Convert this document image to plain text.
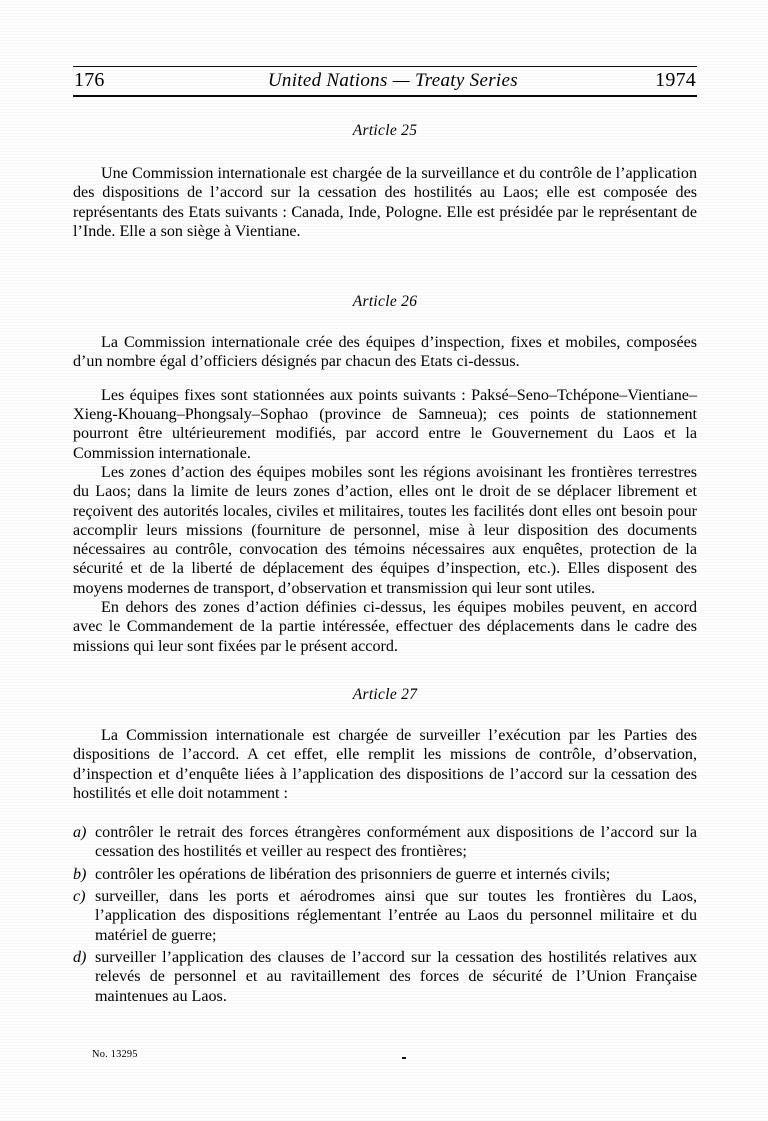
176	United Nations — Treaty Series	1974
Article 25

Une Commission internationale est chargée de la surveillance et du contrôle de l’application des dispositions de l’accord sur la cessation des hostilités au Laos; elle est composée des représentants des Etats suivants : Canada, Inde, Pologne. Elle est présidée par le représentant de l’Inde. Elle a son siège à Vientiane.

Article 26

La Commission internationale crée des équipes d’inspection, fixes et mobiles, composées d’un nombre égal d’officiers désignés par chacun des Etats ci-dessus.

Les équipes fixes sont stationnées aux points suivants : Paksé–Seno–Tchépone–Vientiane–Xieng-Khouang–Phongsaly–Sophao (province de Samneua); ces points de stationnement pourront être ultérieurement modifiés, par accord entre le Gouvernement du Laos et la Commission internationale.

Les zones d’action des équipes mobiles sont les régions avoisinant les frontières terrestres du Laos; dans la limite de leurs zones d’action, elles ont le droit de se déplacer librement et reçoivent des autorités locales, civiles et militaires, toutes les facilités dont elles ont besoin pour accomplir leurs missions (fourniture de personnel, mise à leur disposition des documents nécessaires au contrôle, convocation des témoins nécessaires aux enquêtes, protection de la sécurité et de la liberté de déplacement des équipes d’inspection, etc.). Elles disposent des moyens modernes de transport, d’observation et transmission qui leur sont utiles.

En dehors des zones d’action définies ci-dessus, les équipes mobiles peuvent, en accord avec le Commandement de la partie intéressée, effectuer des déplacements dans le cadre des missions qui leur sont fixées par le présent accord.

Article 27

La Commission internationale est chargée de surveiller l’exécution par les Parties des dispositions de l’accord. A cet effet, elle remplit les missions de contrôle, d’observation, d’inspection et d’enquête liées à l’application des dispositions de l’accord sur la cessation des hostilités et elle doit notamment :

a) contrôler le retrait des forces étrangères conformément aux dispositions de l’accord sur la cessation des hostilités et veiller au respect des frontières;
b) contrôler les opérations de libération des prisonniers de guerre et internés civils;
c) surveiller, dans les ports et aérodromes ainsi que sur toutes les frontières du Laos, l’application des dispositions réglementant l’entrée au Laos du personnel militaire et du matériel de guerre;
d) surveiller l’application des clauses de l’accord sur la cessation des hostilités relatives aux relevés de personnel et au ravitaillement des forces de sécurité de l’Union Française maintenues au Laos.
No. 13295
